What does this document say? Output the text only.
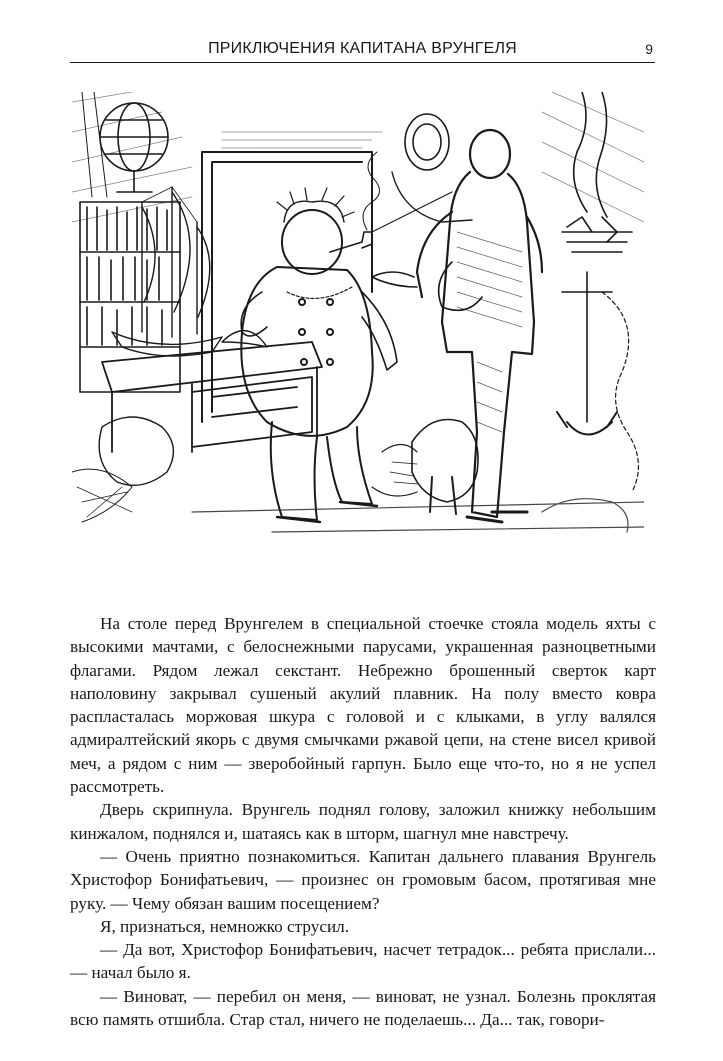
ПРИКЛЮЧЕНИЯ КАПИТАНА ВРУНГЕЛЯ	9

На столе перед Врунгелем в специальной стоечке стояла модель яхты с высокими мачтами, с белоснежными парусами, украшенная разноцветными флагами. Рядом лежал секстант. Небрежно брошенный сверток карт наполовину закрывал сушеный акулий плавник. На полу вместо ковра распласталась моржовая шкура с головой и с клыками, в углу валялся адмиралтейский якорь с двумя смычками ржавой цепи, на стене висел кривой меч, а рядом с ним — зверобойный гарпун. Было еще что-то, но я не успел рассмотреть.

Дверь скрипнула. Врунгель поднял голову, заложил книжку небольшим кинжалом, поднялся и, шатаясь как в шторм, шагнул мне навстречу.

— Очень приятно познакомиться. Капитан дальнего плавания Врунгель Христофор Бонифатьевич, — произнес он громовым басом, протягивая мне руку. — Чему обязан вашим посещением?

Я, признаться, немножко струсил.

— Да вот, Христофор Бонифатьевич, насчет тетрадок... ребята прислали... — начал было я.

— Виноват, — перебил он меня, — виноват, не узнал. Болезнь проклятая всю память отшибла. Стар стал, ничего не поделаешь... Да... так, говори-
